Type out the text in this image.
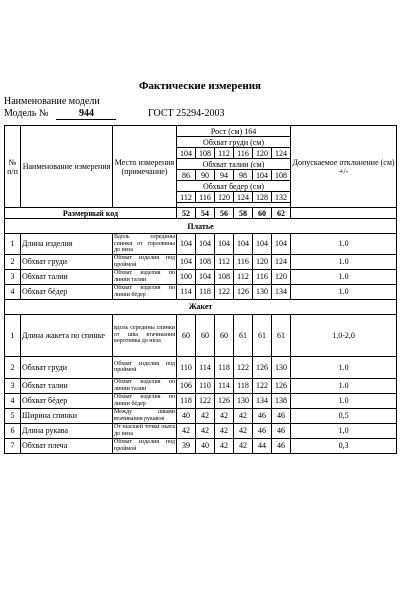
Фактические измерения
Наименование модели
Модель №	944	ГОСТ 25294-2003
№ п/п	Наименование измерения	Место измерения (примечание)	Рост (см) 164						Допускаемое отклонение (см) +/-
			Обхват груди (см)						
			104	108	112	116	120	124	
			Обхват талии (см)						
			86	90	94	98	104	108	
			Обхват бедер (см)						
			112	116	120	124	128	132	

Размерный код			52	54	56	58	60	62	
Платье									
1	Длина изделия	Вдоль середины спинки от горловины до низа	104	104	104	104	104	104	1.0
2	Обхват груди	Обхват изделия под проймой	104	108	112	116	120	124	1.0
3	Обхват талии	Обхват изделия по линии талии	100	104	108	112	116	120	1.0
4	Обхват бёдер	Обхват изделия по линии бёдер	114	118	122	126	130	134	1.0
Жакет									
1	Длина жакета по спинке	вдоль середины спинки от шва втачивания воротника до низа	60	60	60	61	61	61	1,0-2,0
2	Обхват груди	Обхват изделия под проймой	110	114	118	122	126	130	1.0
3	Обхват талии	Обхват изделия по линии талии	106	110	114	118	122	126	1.0
4	Обхват бёдер	Обхват изделия по линии бёдер	118	122	126	130	134	138	1.0
5	Ширина спинки	Между швами втачивания рукавов	40	42	42	42	46	46	0,5
6	Длина рукава	От высшей точки оката до низа	42	42	42	42	46	46	1,0
7	Обхват плеча	Обхват изделия под проймой	39	40	42	42	44	46	0,3
